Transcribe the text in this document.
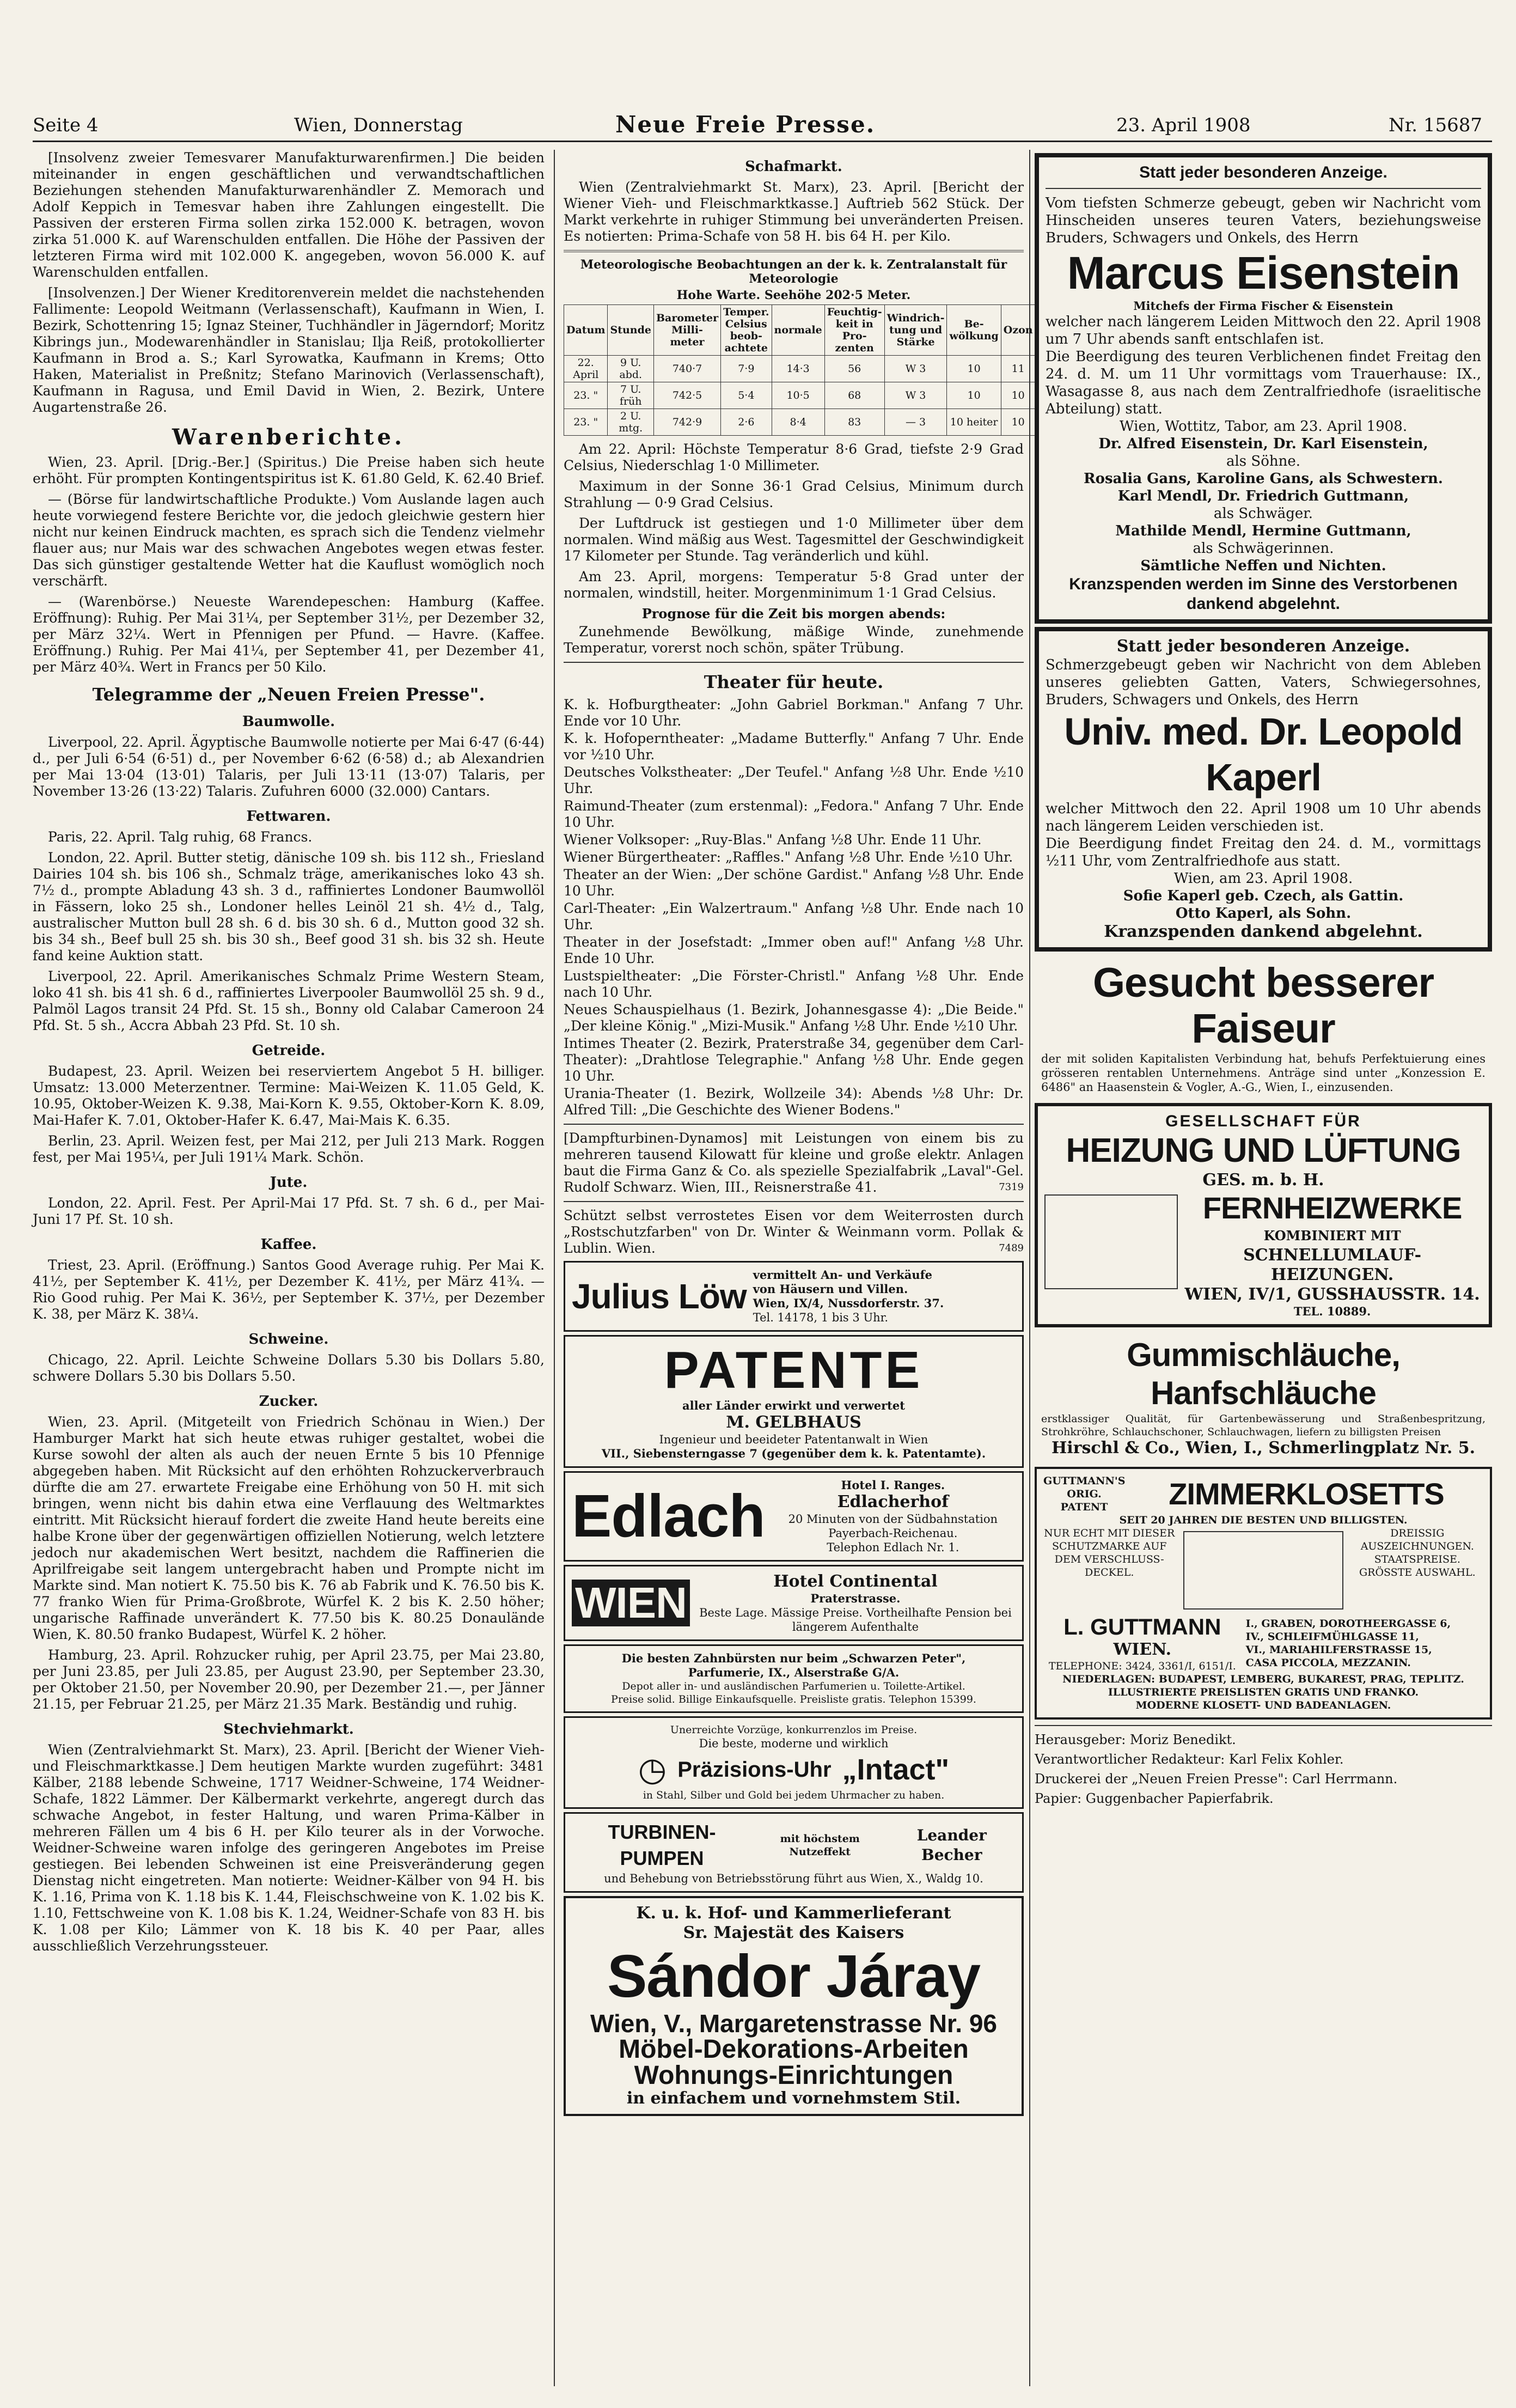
Seite 4	Wien, Donnerstag	Neue Freie Presse.	23. April 1908	Nr. 15687

[Insolvenz zweier Temesvarer Manufakturwarenfirmen.] Die beiden miteinander in engen geschäftlichen und verwandtschaftlichen Beziehungen stehenden Manufakturwarenhändler Z. Memorach und Adolf Keppich in Temesvar haben ihre Zahlungen eingestellt. Die Passiven der ersteren Firma sollen zirka 152.000 K. betragen, wovon zirka 51.000 K. auf Warenschulden entfallen. Die Höhe der Passiven der letzteren Firma wird mit 102.000 K. angegeben, wovon 56.000 K. auf Warenschulden entfallen.

[Insolvenzen.] Der Wiener Kreditorenverein meldet die nachstehenden Fallimente: Leopold Weitmann (Verlassenschaft), Kaufmann in Wien, I. Bezirk, Schottenring 15; Ignaz Steiner, Tuchhändler in Jägerndorf; Moritz Kibrings jun., Modewarenhändler in Stanislau; Ilja Reiß, protokollierter Kaufmann in Brod a. S.; Karl Syrowatka, Kaufmann in Krems; Otto Haken, Materialist in Preßnitz; Stefano Marinovich (Verlassenschaft), Kaufmann in Ragusa, und Emil David in Wien, 2. Bezirk, Untere Augartenstraße 26.

Warenberichte.

Wien, 23. April. [Drig.-Ber.] (Spiritus.) Die Preise haben sich heute erhöht. Für prompten Kontingentspiritus ist K. 61.80 Geld, K. 62.40 Brief.

— (Börse für landwirtschaftliche Produkte.) Vom Auslande lagen auch heute vorwiegend festere Berichte vor, die jedoch gleichwie gestern hier nicht nur keinen Eindruck machten, es sprach sich die Tendenz vielmehr flauer aus; nur Mais war des schwachen Angebotes wegen etwas fester. Das sich günstiger gestaltende Wetter hat die Kauflust womöglich noch verschärft.

— (Warenbörse.) Neueste Warendepeschen: Hamburg (Kaffee. Eröffnung): Ruhig. Per Mai 31¼, per September 31½, per Dezember 32, per März 32¼. Wert in Pfennigen per Pfund. — Havre. (Kaffee. Eröffnung.) Ruhig. Per Mai 41¼, per September 41, per Dezember 41, per März 40¾. Wert in Francs per 50 Kilo.

Telegramme der „Neuen Freien Presse".
Baumwolle.

Liverpool, 22. April. Ägyptische Baumwolle notierte per Mai 6·47 (6·44) d., per Juli 6·54 (6·51) d., per November 6·62 (6·58) d.; ab Alexandrien per Mai 13·04 (13·01) Talaris, per Juli 13·11 (13·07) Talaris, per November 13·26 (13·22) Talaris. Zufuhren 6000 (32.000) Cantars.

Fettwaren.

Paris, 22. April. Talg ruhig, 68 Francs.

London, 22. April. Butter stetig, dänische 109 sh. bis 112 sh., Friesland Dairies 104 sh. bis 106 sh., Schmalz träge, amerikanisches loko 43 sh. 7½ d., prompte Abladung 43 sh. 3 d., raffiniertes Londoner Baumwollöl in Fässern, loko 25 sh., Londoner helles Leinöl 21 sh. 4½ d., Talg, australischer Mutton bull 28 sh. 6 d. bis 30 sh. 6 d., Mutton good 32 sh. bis 34 sh., Beef bull 25 sh. bis 30 sh., Beef good 31 sh. bis 32 sh. Heute fand keine Auktion statt.

Liverpool, 22. April. Amerikanisches Schmalz Prime Western Steam, loko 41 sh. bis 41 sh. 6 d., raffiniertes Liverpooler Baumwollöl 25 sh. 9 d., Palmöl Lagos transit 24 Pfd. St. 15 sh., Bonny old Calabar Cameroon 24 Pfd. St. 5 sh., Accra Abbah 23 Pfd. St. 10 sh.

Getreide.

Budapest, 23. April. Weizen bei reserviertem Angebot 5 H. billiger. Umsatz: 13.000 Meterzentner. Termine: Mai-Weizen K. 11.05 Geld, K. 10.95, Oktober-Weizen K. 9.38, Mai-Korn K. 9.55, Oktober-Korn K. 8.09, Mai-Hafer K. 7.01, Oktober-Hafer K. 6.47, Mai-Mais K. 6.35.

Berlin, 23. April. Weizen fest, per Mai 212, per Juli 213 Mark. Roggen fest, per Mai 195¼, per Juli 191¼ Mark. Schön.

Jute.

London, 22. April. Fest. Per April-Mai 17 Pfd. St. 7 sh. 6 d., per Mai-Juni 17 Pf. St. 10 sh.

Kaffee.

Triest, 23. April. (Eröffnung.) Santos Good Average ruhig. Per Mai K. 41½, per September K. 41½, per Dezember K. 41½, per März 41¾. — Rio Good ruhig. Per Mai K. 36½, per September K. 37½, per Dezember K. 38, per März K. 38¼.

Schweine.

Chicago, 22. April. Leichte Schweine Dollars 5.30 bis Dollars 5.80, schwere Dollars 5.30 bis Dollars 5.50.

Zucker.

Wien, 23. April. (Mitgeteilt von Friedrich Schönau in Wien.) Der Hamburger Markt hat sich heute etwas ruhiger gestaltet, wobei die Kurse sowohl der alten als auch der neuen Ernte 5 bis 10 Pfennige abgegeben haben. Mit Rücksicht auf den erhöhten Rohzuckerverbrauch dürfte die am 27. erwartete Freigabe eine Erhöhung von 50 H. mit sich bringen, wenn nicht bis dahin etwa eine Verflauung des Weltmarktes eintritt. Mit Rücksicht hierauf fordert die zweite Hand heute bereits eine halbe Krone über der gegenwärtigen offiziellen Notierung, welch letztere jedoch nur akademischen Wert besitzt, nachdem die Raffinerien die Aprilfreigabe seit langem untergebracht haben und Prompte nicht im Markte sind. Man notiert K. 75.50 bis K. 76 ab Fabrik und K. 76.50 bis K. 77 franko Wien für Prima-Großbrote, Würfel K. 2 bis K. 2.50 höher; ungarische Raffinade unverändert K. 77.50 bis K. 80.25 Donaulände Wien, K. 80.50 franko Budapest, Würfel K. 2 höher.

Hamburg, 23. April. Rohzucker ruhig, per April 23.75, per Mai 23.80, per Juni 23.85, per Juli 23.85, per August 23.90, per September 23.30, per Oktober 21.50, per November 20.90, per Dezember 21.—, per Jänner 21.15, per Februar 21.25, per März 21.35 Mark. Beständig und ruhig.

Stechviehmarkt.

Wien (Zentralviehmarkt St. Marx), 23. April. [Bericht der Wiener Vieh- und Fleischmarktkasse.] Dem heutigen Markte wurden zugeführt: 3481 Kälber, 2188 lebende Schweine, 1717 Weidner-Schweine, 174 Weidner-Schafe, 1822 Lämmer. Der Kälbermarkt verkehrte, angeregt durch das schwache Angebot, in fester Haltung, und waren Prima-Kälber in mehreren Fällen um 4 bis 6 H. per Kilo teurer als in der Vorwoche. Weidner-Schweine waren infolge des geringeren Angebotes im Preise gestiegen. Bei lebenden Schweinen ist eine Preisveränderung gegen Dienstag nicht eingetreten. Man notierte: Weidner-Kälber von 94 H. bis K. 1.16, Prima von K. 1.18 bis K. 1.44, Fleischschweine von K. 1.02 bis K. 1.10, Fettschweine von K. 1.08 bis K. 1.24, Weidner-Schafe von 83 H. bis K. 1.08 per Kilo; Lämmer von K. 18 bis K. 40 per Paar, alles ausschließlich Verzehrungssteuer.

Schafmarkt.

Wien (Zentralviehmarkt St. Marx), 23. April. [Bericht der Wiener Vieh- und Fleischmarktkasse.] Auftrieb 562 Stück. Der Markt verkehrte in ruhiger Stimmung bei unveränderten Preisen. Es notierten: Prima-Schafe von 58 H. bis 64 H. per Kilo.

Meteorologische Beobachtungen an der k. k. Zentralanstalt für Meteorologie
Hohe Warte. Seehöhe 202·5 Meter.
Datum	Stunde	Barometer Milli-meter	Temper. Celsius beob-achtete	normale	Feuchtig-keit in Pro-zenten	Windrich-tung und Stärke	Be-wölkung	Ozon
22. April	9 U. abd.	740·7	7·9	14·3	56	W 3	10	11
23. "	7 U. früh	742·5	5·4	10·5	68	W 3	10	10
23. "	2 U. mtg.	742·9	2·6	8·4	83	— 3	10 heiter	10

Am 22. April: Höchste Temperatur 8·6 Grad, tiefste 2·9 Grad Celsius, Niederschlag 1·0 Millimeter.

Maximum in der Sonne 36·1 Grad Celsius, Minimum durch Strahlung — 0·9 Grad Celsius.

Der Luftdruck ist gestiegen und 1·0 Millimeter über dem normalen. Wind mäßig aus West. Tagesmittel der Geschwindigkeit 17 Kilometer per Stunde. Tag veränderlich und kühl.

Am 23. April, morgens: Temperatur 5·8 Grad unter der normalen, windstill, heiter. Morgenminimum 1·1 Grad Celsius.

Prognose für die Zeit bis morgen abends:

Zunehmende Bewölkung, mäßige Winde, zunehmende Temperatur, vorerst noch schön, später Trübung.

Theater für heute.

K. k. Hofburgtheater: „John Gabriel Borkman." Anfang 7 Uhr. Ende vor 10 Uhr.

K. k. Hofoperntheater: „Madame Butterfly." Anfang 7 Uhr. Ende vor ½10 Uhr.

Deutsches Volkstheater: „Der Teufel." Anfang ½8 Uhr. Ende ½10 Uhr.

Raimund-Theater (zum erstenmal): „Fedora." Anfang 7 Uhr. Ende 10 Uhr.

Wiener Volksoper: „Ruy-Blas." Anfang ½8 Uhr. Ende 11 Uhr.

Wiener Bürgertheater: „Raffles." Anfang ½8 Uhr. Ende ½10 Uhr.

Theater an der Wien: „Der schöne Gardist." Anfang ½8 Uhr. Ende 10 Uhr.

Carl-Theater: „Ein Walzertraum." Anfang ½8 Uhr. Ende nach 10 Uhr.

Theater in der Josefstadt: „Immer oben auf!" Anfang ½8 Uhr. Ende 10 Uhr.

Lustspieltheater: „Die Förster-Christl." Anfang ½8 Uhr. Ende nach 10 Uhr.

Neues Schauspielhaus (1. Bezirk, Johannesgasse 4): „Die Beide." „Der kleine König." „Mizi-Musik." Anfang ½8 Uhr. Ende ½10 Uhr.

Intimes Theater (2. Bezirk, Praterstraße 34, gegenüber dem Carl-Theater): „Drahtlose Telegraphie." Anfang ½8 Uhr. Ende gegen 10 Uhr.

Urania-Theater (1. Bezirk, Wollzeile 34): Abends ½8 Uhr: Dr. Alfred Till: „Die Geschichte des Wiener Bodens."

[Dampfturbinen-Dynamos] mit Leistungen von einem bis zu mehreren tausend Kilowatt für kleine und große elektr. Anlagen baut die Firma Ganz & Co. als spezielle Spezialfabrik „Laval"-Gel. Rudolf Schwarz. Wien, III., Reisnerstraße 41.	7319

Schützt selbst verrostetes Eisen vor dem Weiterrosten durch „Rostschutzfarben" von Dr. Winter & Weinmann vorm. Pollak & Lublin. Wien.	7489

Julius Löw
vermittelt An- und Verkäufe
von Häusern und Villen.
Wien, IX/4, Nussdorferstr. 37.
Tel. 14178, 1 bis 3 Uhr.
PATENTE
aller Länder erwirkt und verwertet
M. GELBHAUS
Ingenieur und beeideter Patentanwalt in Wien
VII., Siebensterngasse 7 (gegenüber dem k. k. Patentamte).
Edlach	Hotel I. Ranges.
Edlacherhof
20 Minuten von der Südbahnstation
Payerbach-Reichenau.
Telephon Edlach Nr. 1.
WIEN	Hotel Continental
Praterstrasse.
Beste Lage. Mässige Preise. Vortheilhafte Pension bei längerem Aufenthalte
Die besten Zahnbürsten nur beim „Schwarzen Peter",
Parfumerie, IX., Alserstraße G/A.
Depot aller in- und ausländischen Parfumerien u. Toilette-Artikel.
Preise solid. Billige Einkaufsquelle. Preisliste gratis. Telephon 15399.
Unerreichte Vorzüge, konkurrenzlos im Preise.
Die beste, moderne und wirklich
◷ Präzisions-Uhr „Intact"
in Stahl, Silber und Gold bei jedem Uhrmacher zu haben.
TURBINEN-PUMPEN
mit höchstem Nutzeffekt
Leander Becher
und Behebung von Betriebsstörung führt aus Wien, X., Waldg 10.
K. u. k. Hof- und Kammerlieferant
Sr. Majestät des Kaisers
Sándor Járay
Wien, V., Margaretenstrasse Nr. 96
Möbel-Dekorations-Arbeiten
Wohnungs-Einrichtungen
in einfachem und vornehmstem Stil.
Statt jeder besonderen Anzeige.
Vom tiefsten Schmerze gebeugt, geben wir Nachricht vom Hinscheiden unseres teuren Vaters, beziehungsweise Bruders, Schwagers und Onkels, des Herrn
Marcus Eisenstein
Mitchefs der Firma Fischer & Eisenstein
welcher nach längerem Leiden Mittwoch den 22. April 1908 um 7 Uhr abends sanft entschlafen ist.
Die Beerdigung des teuren Verblichenen findet Freitag den 24. d. M. um 11 Uhr vormittags vom Trauerhause: IX., Wasagasse 8, aus nach dem Zentralfriedhofe (israelitische Abteilung) statt.
Wien, Wottitz, Tabor, am 23. April 1908.
Dr. Alfred Eisenstein, Dr. Karl Eisenstein,
als Söhne.
Rosalia Gans, Karoline Gans, als Schwestern.
Karl Mendl, Dr. Friedrich Guttmann,
als Schwäger.
Mathilde Mendl, Hermine Guttmann,
als Schwägerinnen.
Sämtliche Neffen und Nichten.
Kranzspenden werden im Sinne des Verstorbenen dankend abgelehnt.
Statt jeder besonderen Anzeige.
Schmerzgebeugt geben wir Nachricht von dem Ableben unseres geliebten Gatten, Vaters, Schwiegersohnes, Bruders, Schwagers und Onkels, des Herrn
Univ. med. Dr. Leopold Kaperl
welcher Mittwoch den 22. April 1908 um 10 Uhr abends nach längerem Leiden verschieden ist.
Die Beerdigung findet Freitag den 24. d. M., vormittags ½11 Uhr, vom Zentralfriedhofe aus statt.
Wien, am 23. April 1908.
Sofie Kaperl geb. Czech, als Gattin.
Otto Kaperl, als Sohn.
Kranzspenden dankend abgelehnt.
Gesucht besserer Faiseur
der mit soliden Kapitalisten Verbindung hat, behufs Perfektuierung eines grösseren rentablen Unternehmens. Anträge sind unter „Konzession E. 6486" an Haasenstein & Vogler, A.-G., Wien, I., einzusenden.
GESELLSCHAFT FÜR
HEIZUNG UND LÜFTUNG
GES. m. b. H.
FERNHEIZWERKE
KOMBINIERT MIT
SCHNELLUMLAUF-HEIZUNGEN.
WIEN, IV/1, GUSSHAUSSTR. 14.
TEL. 10889.
Gummischläuche, Hanfschläuche
erstklassiger Qualität, für Gartenbewässerung und Straßenbespritzung, Strohkröhre, Schlauchschoner, Schlauchwagen, liefern zu billigsten Preisen
Hirschl & Co., Wien, I., Schmerlingplatz Nr. 5.
GUTTMANN'S ORIG. PATENT	ZIMMERKLOSETTS
SEIT 20 JAHREN DIE BESTEN UND BILLIGSTEN.
NUR ECHT MIT DIESER SCHUTZMARKE AUF DEM VERSCHLUSS-DECKEL.
DREISSIG AUSZEICHNUNGEN. STAATSPREISE. GRÖSSTE AUSWAHL.
L. GUTTMANN
WIEN.
TELEPHONE: 3424, 3361/I, 6151/I.
I., GRABEN, DOROTHEERGASSE 6,
IV., SCHLEIFMÜHLGASSE 11,
VI., MARIAHILFERSTRASSE 15,
CASA PICCOLA, MEZZANIN.
NIEDERLAGEN: BUDAPEST, LEMBERG, BUKAREST, PRAG, TEPLITZ.
ILLUSTRIERTE PREISLISTEN GRATIS UND FRANKO.
MODERNE KLOSETT- UND BADEANLAGEN.
Herausgeber: Moriz Benedikt.
Verantwortlicher Redakteur: Karl Felix Kohler.
Druckerei der „Neuen Freien Presse": Carl Herrmann.
Papier: Guggenbacher Papierfabrik.
